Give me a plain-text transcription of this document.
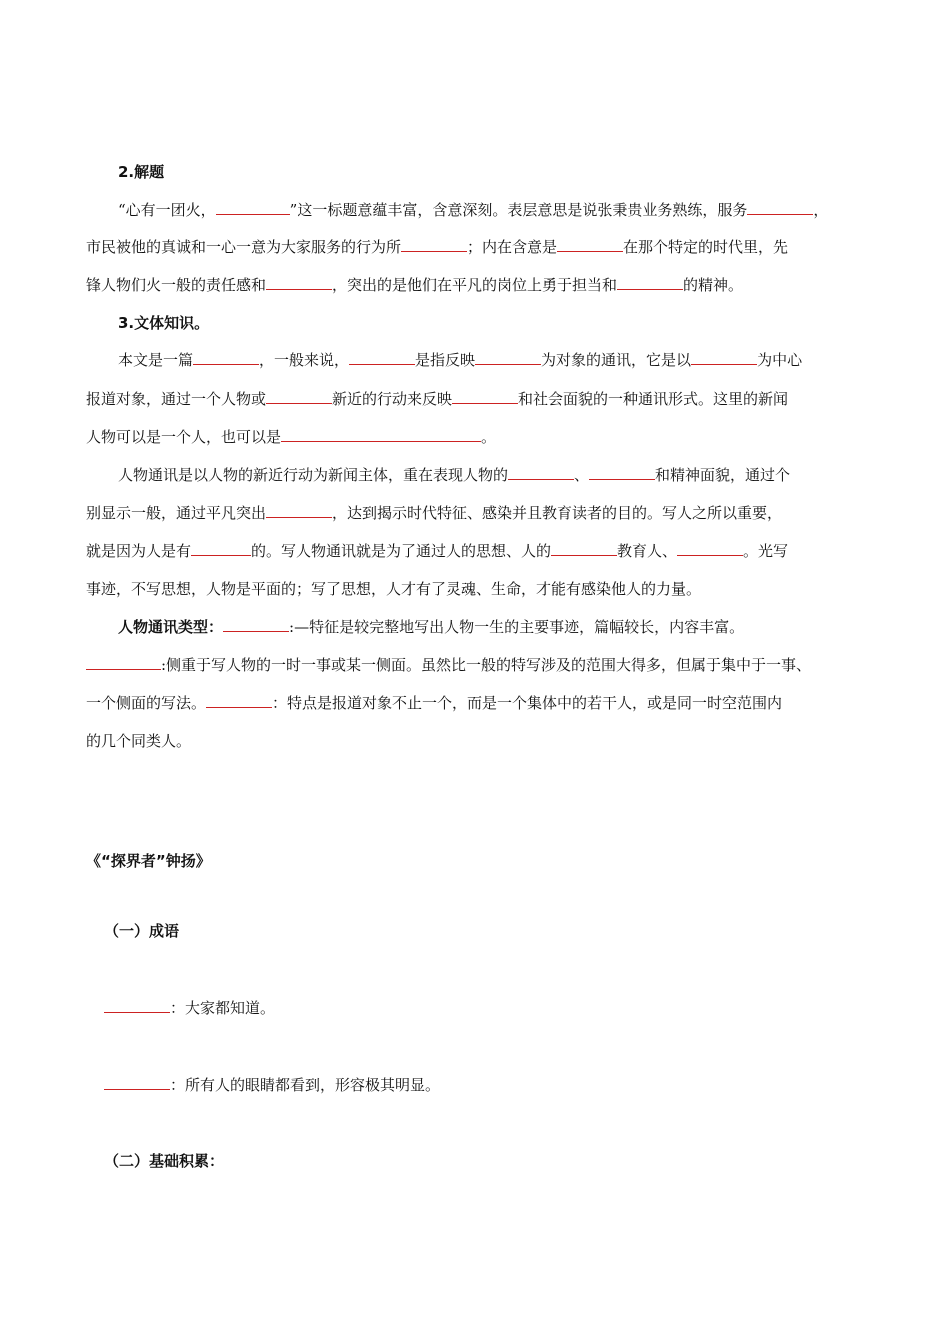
2.解题
“心有一团火，	”这一标题意蕴丰富，含意深刻。表层意思是说张秉贵业务熟练，服务	，
市民被他的真诚和一心一意为大家服务的行为所	；内在含意是	在那个特定的时代里，先
锋人物们火一般的责任感和	，突出的是他们在平凡的岗位上勇于担当和	的精神。
3.文体知识。
本文是一篇	，一般来说，	是指反映	为对象的通讯，它是以	为中心
报道对象，通过一个人物或	新近的行动来反映	和社会面貌的一种通讯形式。这里的新闻
人物可以是一个人，也可以是	。
人物通讯是以人物的新近行动为新闻主体，重在表现人物的	、	和精神面貌，通过个
别显示一般，通过平凡突出	，达到揭示时代特征、感染并且教育读者的目的。写人之所以重要，
就是因为人是有	的。写人物通讯就是为了通过人的思想、人的	教育人、	。光写
事迹，不写思想，人物是平面的；写了思想，人才有了灵魂、生命，才能有感染他人的力量。
人物通讯类型：	:—特征是较完整地写出人物一生的主要事迹，篇幅较长，内容丰富。
:侧重于写人物的一时一事或某一侧面。虽然比一般的特写涉及的范围大得多，但属于集中于一事、
一个侧面的写法。	：特点是报道对象不止一个，而是一个集体中的若干人，或是同一时空范围内
的几个同类人。
《“探界者”钟扬》
（一）成语
：大家都知道。
：所有人的眼睛都看到，形容极其明显。
（二）基础积累：
